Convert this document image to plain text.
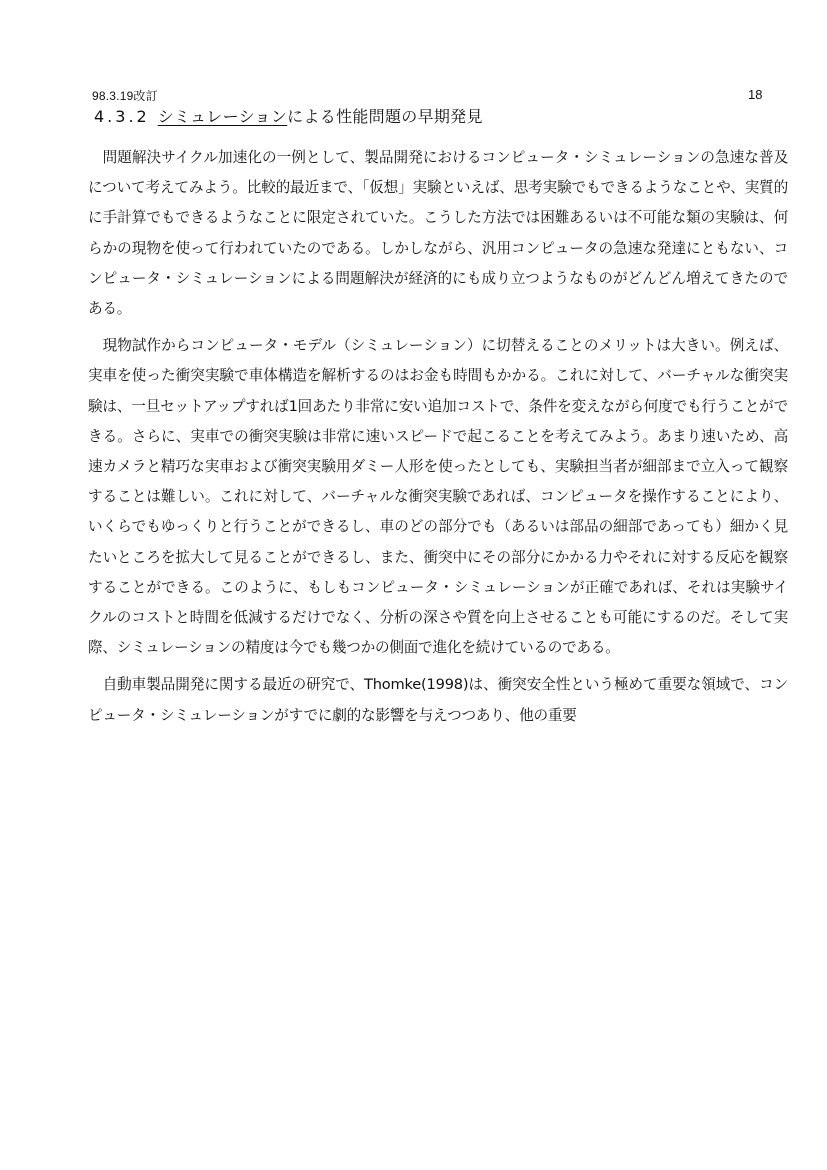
98.3.19改訂	18
4.3.2 シミュレーションによる性能問題の早期発見

問題解決サイクル加速化の一例として、製品開発におけるコンピュータ・シミュレーションの急速な普及について考えてみよう。比較的最近まで、「仮想」実験といえば、思考実験でもできるようなことや、実質的に手計算でもできるようなことに限定されていた。こうした方法では困難あるいは不可能な類の実験は、何らかの現物を使って行われていたのである。しかしながら、汎用コンピュータの急速な発達にともない、コンピュータ・シミュレーションによる問題解決が経済的にも成り立つようなものがどんどん増えてきたのである。

現物試作からコンピュータ・モデル（シミュレーション）に切替えることのメリットは大きい。例えば、実車を使った衝突実験で車体構造を解析するのはお金も時間もかかる。これに対して、バーチャルな衝突実験は、一旦セットアップすれば1回あたり非常に安い追加コストで、条件を変えながら何度でも行うことができる。さらに、実車での衝突実験は非常に速いスピードで起こることを考えてみよう。あまり速いため、高速カメラと精巧な実車および衝突実験用ダミー人形を使ったとしても、実験担当者が細部まで立入って観察することは難しい。これに対して、バーチャルな衝突実験であれば、コンピュータを操作することにより、いくらでもゆっくりと行うことができるし、車のどの部分でも（あるいは部品の細部であっても）細かく見たいところを拡大して見ることができるし、また、衝突中にその部分にかかる力やそれに対する反応を観察することができる。このように、もしもコンピュータ・シミュレーションが正確であれば、それは実験サイクルのコストと時間を低減するだけでなく、分析の深さや質を向上させることも可能にするのだ。そして実際、シミュレーションの精度は今でも幾つかの側面で進化を続けているのである。

自動車製品開発に関する最近の研究で、Thomke(1998)は、衝突安全性という極めて重要な領域で、コンピュータ・シミュレーションがすでに劇的な影響を与えつつあり、他の重要
